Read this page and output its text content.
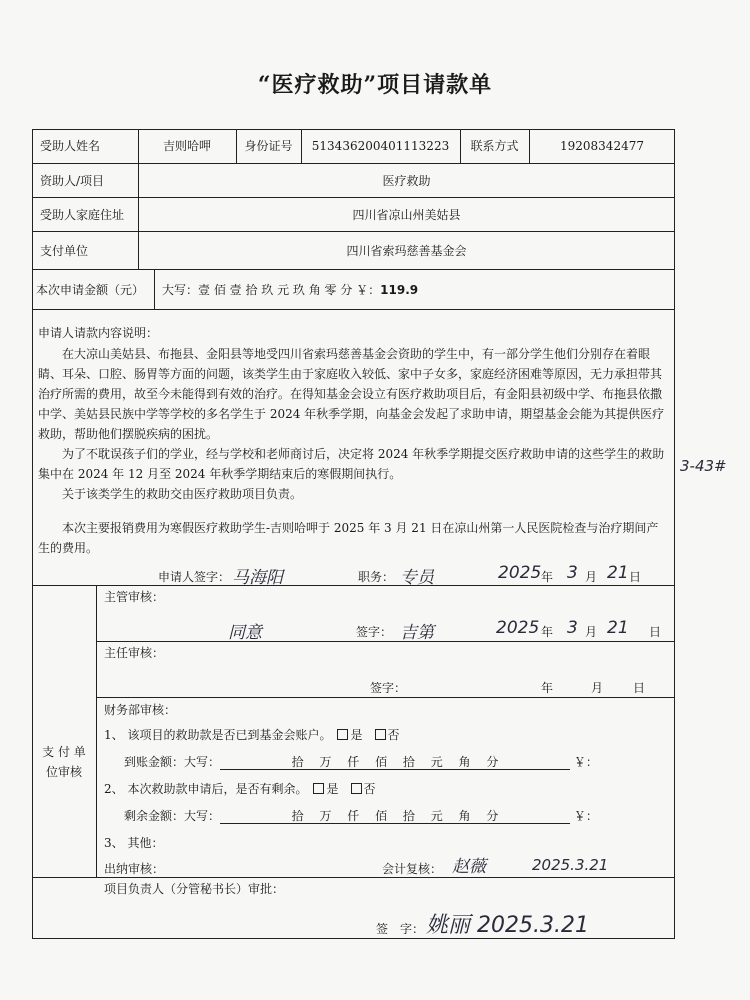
“医疗救助”项目请款单
受助人姓名	吉则哈呷	身份证号	513436200401113223	联系方式	19208342477
资助人/项目	医疗救助
受助人家庭住址	四川省凉山州美姑县
支付单位	四川省索玛慈善基金会
本次申请金额（元） 大写：壹 佰 壹 拾 玖 元 玖 角 零 分 ￥：119.9
申请人请款内容说明：
在大凉山美姑县、布拖县、金阳县等地受四川省索玛慈善基金会资助的学生中，有一部分学生他们分别存在着眼睛、耳朵、口腔、肠胃等方面的问题，该类学生由于家庭收入较低、家中子女多，家庭经济困难等原因，无力承担带其治疗所需的费用，故至今未能得到有效的治疗。在得知基金会设立有医疗救助项目后，有金阳县初级中学、布拖县依撒中学、美姑县民族中学等学校的多名学生于 2024 年秋季学期，向基金会发起了求助申请，期望基金会能为其提供医疗救助，帮助他们摆脱疾病的困扰。
为了不耽误孩子们的学业，经与学校和老师商讨后，决定将 2024 年秋季学期提交医疗救助申请的这些学生的救助集中在 2024 年 12 月至 2024 年秋季学期结束后的寒假期间执行。
关于该类学生的救助交由医疗救助项目负责。
本次主要报销费用为寒假医疗救助学生-吉则哈呷于 2025 年 3 月 21 日在凉山州第一人民医院检查与治疗期间产生的费用。
3-43#
申请人签字： 马海阳	职务： 专员	2025 年 3 月 21 日
支 付 单 位审核
主管审核：
同意	签字： 吉第	2025 年 3 月 21 日
主任审核：
签字：	年	月 日
财务部审核：
1、 该项目的救助款是否已到基金会账户。　 是　 否
到账金额：大写：	拾 　万 　仟 　佰 　拾 　元 　角 　分	￥：
2、 本次救助款申请后，是否有剩余。　 是　 否
剩余金额：大写：	拾 　万 　仟 　佰 　拾 　元 　角 　分	￥：
3、 其他：
出纳审核：	会计复核： 赵薇	2025.3.21
项目负责人（分管秘书长）审批：
签　字： 姚丽 2025.3.21
